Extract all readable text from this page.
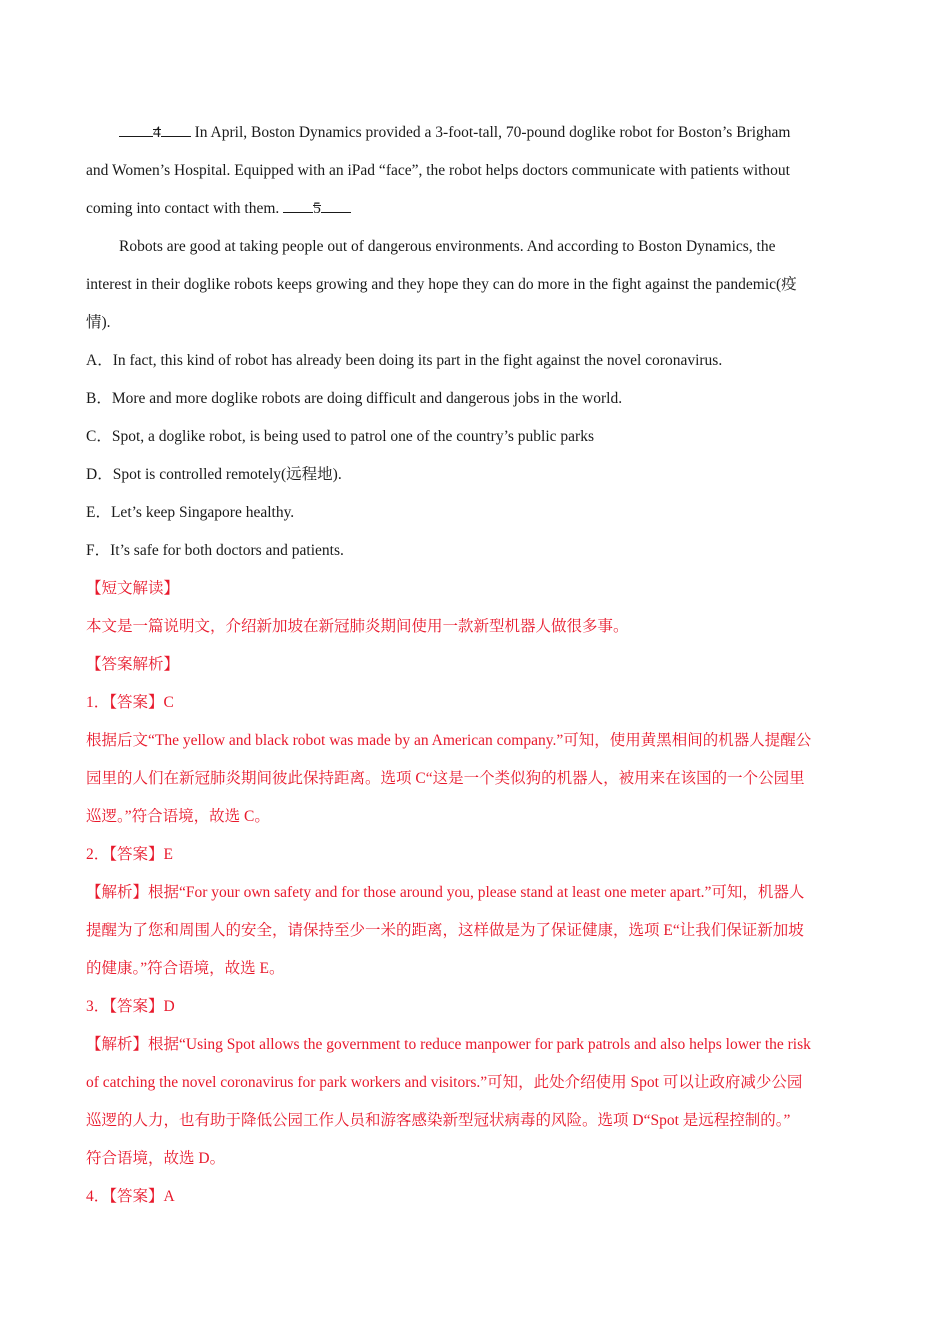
4 In April, Boston Dynamics provided a 3-foot-tall, 70-pound doglike robot for Boston’s Brigham
and Women’s Hospital. Equipped with an iPad “face”, the robot helps doctors communicate with patients without
coming into contact with them. 5
Robots are good at taking people out of dangerous environments. And according to Boston Dynamics, the
interest in their doglike robots keeps growing and they hope they can do more in the fight against the pandemic(疫
情).
A．In fact, this kind of robot has already been doing its part in the fight against the novel coronavirus.
B．More and more doglike robots are doing difficult and dangerous jobs in the world.
C．Spot, a doglike robot, is being used to patrol one of the country’s public parks
D．Spot is controlled remotely(远程地).
E．Let’s keep Singapore healthy.
F．It’s safe for both doctors and patients.
【短文解读】
本文是一篇说明文，介绍新加坡在新冠肺炎期间使用一款新型机器人做很多事。
【答案解析】
1．【答案】C
根据后文“The yellow and black robot was made by an American company.”可知，使用黄黑相间的机器人提醒公
园里的人们在新冠肺炎期间彼此保持距离。选项 C“这是一个类似狗的机器人，被用来在该国的一个公园里
巡逻。”符合语境，故选 C。
2．【答案】E
【解析】根据“For your own safety and for those around you, please stand at least one meter apart.”可知，机器人
提醒为了您和周围人的安全，请保持至少一米的距离，这样做是为了保证健康，选项 E“让我们保证新加坡
的健康。”符合语境，故选 E。
3．【答案】D
【解析】根据“Using Spot allows the government to reduce manpower for park patrols and also helps lower the risk
of catching the novel coronavirus for park workers and visitors.”可知，此处介绍使用 Spot 可以让政府减少公园
巡逻的人力，也有助于降低公园工作人员和游客感染新型冠状病毒的风险。选项 D“Spot 是远程控制的。”
符合语境，故选 D。
4．【答案】A
